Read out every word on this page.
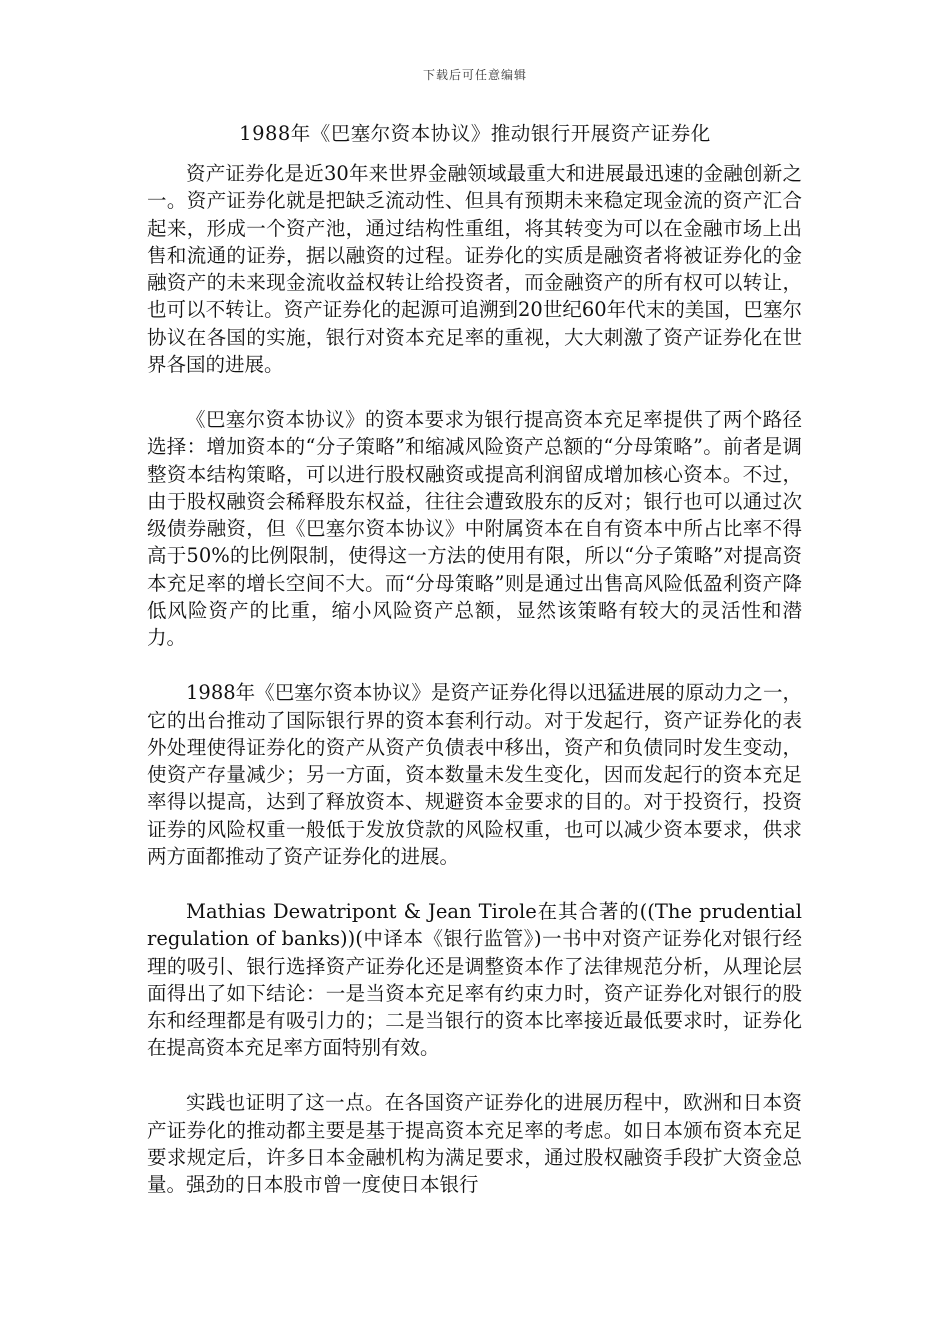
下载后可任意编辑
1988年《巴塞尔资本协议》推动银行开展资产证券化

资产证券化是近30年来世界金融领域最重大和进展最迅速的金融创新之一。资产证券化就是把缺乏流动性、但具有预期未来稳定现金流的资产汇合起来，形成一个资产池，通过结构性重组，将其转变为可以在金融市场上出售和流通的证券，据以融资的过程。证券化的实质是融资者将被证券化的金融资产的未来现金流收益权转让给投资者，而金融资产的所有权可以转让，也可以不转让。资产证券化的起源可追溯到20世纪60年代末的美国，巴塞尔协议在各国的实施，银行对资本充足率的重视，大大刺激了资产证券化在世界各国的进展。

《巴塞尔资本协议》的资本要求为银行提高资本充足率提供了两个路径选择：增加资本的“分子策略”和缩减风险资产总额的“分母策略”。前者是调整资本结构策略，可以进行股权融资或提高利润留成增加核心资本。不过，由于股权融资会稀释股东权益，往往会遭致股东的反对；银行也可以通过次级债券融资，但《巴塞尔资本协议》中附属资本在自有资本中所占比率不得高于50%的比例限制，使得这一方法的使用有限，所以“分子策略”对提高资本充足率的增长空间不大。而“分母策略”则是通过出售高风险低盈利资产降低风险资产的比重，缩小风险资产总额，显然该策略有较大的灵活性和潜力。

1988年《巴塞尔资本协议》是资产证券化得以迅猛进展的原动力之一，它的出台推动了国际银行界的资本套利行动。对于发起行，资产证券化的表外处理使得证券化的资产从资产负债表中移出，资产和负债同时发生变动，使资产存量减少；另一方面，资本数量未发生变化，因而发起行的资本充足率得以提高，达到了释放资本、规避资本金要求的目的。对于投资行，投资证券的风险权重一般低于发放贷款的风险权重，也可以减少资本要求，供求两方面都推动了资产证券化的进展。

Mathias Dewatripont & Jean Tirole在其合著的((The prudential regulation of banks))(中译本《银行监管》)一书中对资产证券化对银行经理的吸引、银行选择资产证券化还是调整资本作了法律规范分析，从理论层面得出了如下结论：一是当资本充足率有约束力时，资产证券化对银行的股东和经理都是有吸引力的；二是当银行的资本比率接近最低要求时，证券化在提高资本充足率方面特别有效。

实践也证明了这一点。在各国资产证券化的进展历程中，欧洲和日本资产证券化的推动都主要是基于提高资本充足率的考虑。如日本颁布资本充足要求规定后，许多日本金融机构为满足要求，通过股权融资手段扩大资金总量。强劲的日本股市曾一度使日本银行
